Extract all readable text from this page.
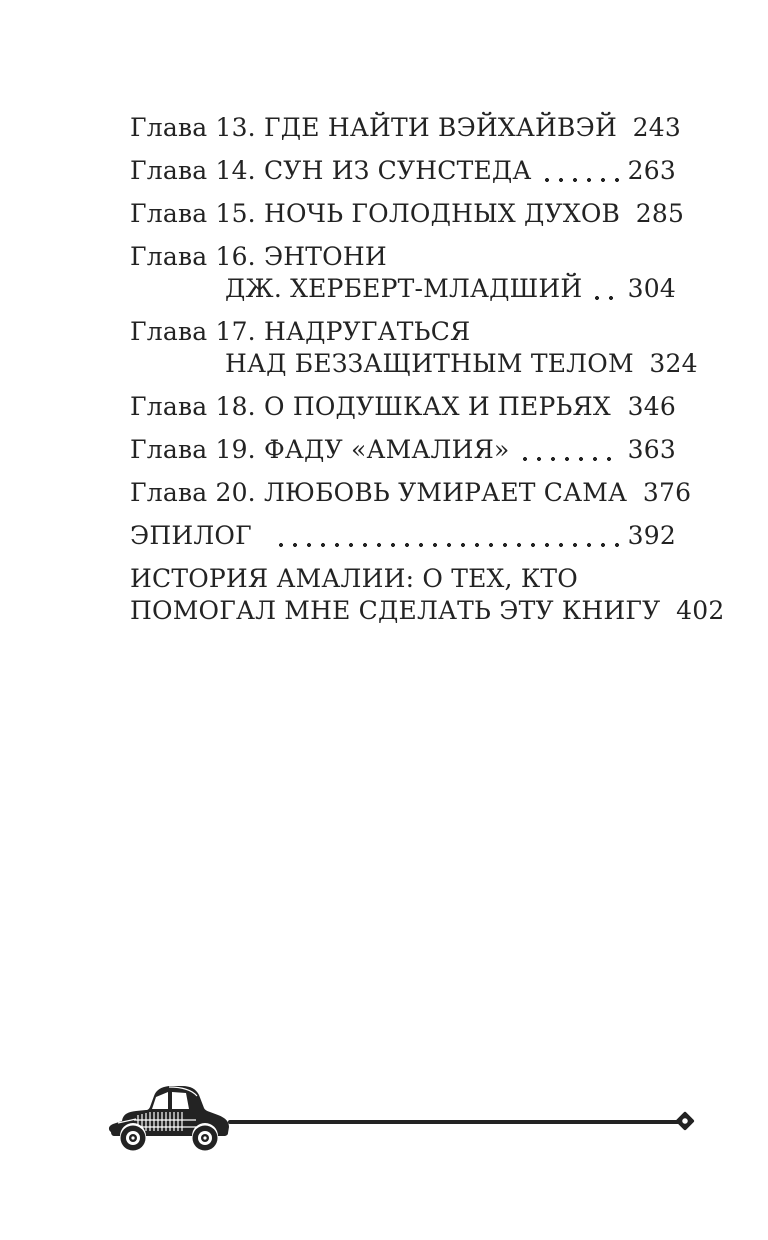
Глава 13. ГДЕ НАЙТИ ВЭЙХАЙВЭЙ 243
Глава 14. СУН ИЗ СУНСТЕДА	263
Глава 15. НОЧЬ ГОЛОДНЫХ ДУХОВ 285
Глава 16. ЭНТОНИ
ДЖ. ХЕРБЕРТ-МЛАДШИЙ 304
Глава 17. НАДРУГАТЬСЯ
НАД БЕЗЗАЩИТНЫМ ТЕЛОМ 324
Глава 18. О ПОДУШКАХ И ПЕРЬЯХ 346
Глава 19. ФАДУ «АМАЛИЯ»	363
Глава 20. ЛЮБОВЬ УМИРАЕТ САМА 376
ЭПИЛОГ	392
ИСТОРИЯ АМАЛИИ: О ТЕХ, КТО
ПОМОГАЛ МНЕ СДЕЛАТЬ ЭТУ КНИГУ 402
